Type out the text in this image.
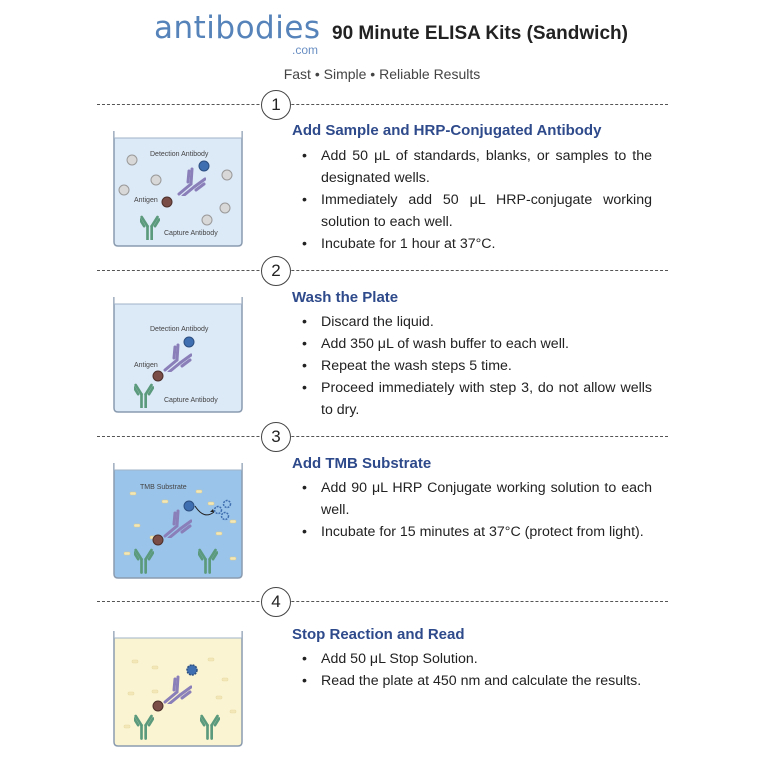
antibodies
.com
90 Minute ELISA Kits (Sandwich)
Fast • Simple • Reliable Results
1
Add Sample and HRP-Conjugated Antibody
• Add 50 μL of standards, blanks, or samples to the designated wells.
• Immediately add 50 μL HRP-conjugate working solution to each well.
• Incubate for 1 hour at 37°C.
Detection Antibody
Antigen
Capture Antibody
2
Wash the Plate
• Discard the liquid.
• Add 350 μL of wash buffer to each well.
• Repeat the wash steps 5 time.
• Proceed immediately with step 3, do not allow wells to dry.
Detection Antibody
Antigen
Capture Antibody
3
Add TMB Substrate
• Add 90 μL HRP Conjugate working solution to each well.
• Incubate for 15 minutes at 37°C (protect from light).
TMB Substrate
4
Stop Reaction and Read
• Add 50 μL Stop Solution.
• Read the plate at 450 nm and calculate the results.
